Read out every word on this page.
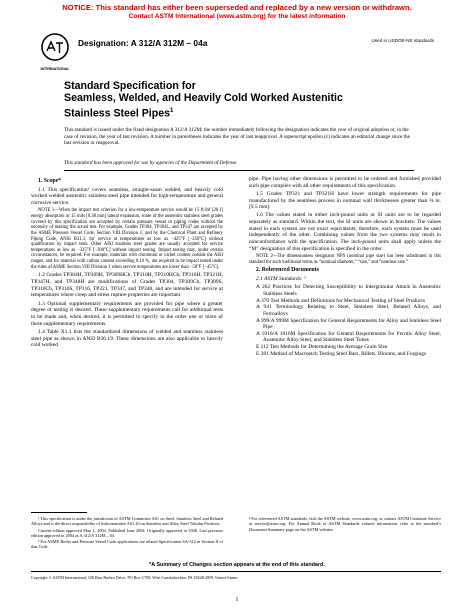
NOTICE: This standard has either been superseded and replaced by a new version or withdrawn.
Contact ASTM International (www.astm.org) for the latest information
INTERNATIONAL
Designation: A 312/A 312M – 04a	Used in USDOE-NE standards
Standard Specification for
Seamless, Welded, and Heavily Cold Worked Austenitic
Stainless Steel Pipes$^1$
This standard is issued under the fixed designation A 312/A 312M; the number immediately following the designation indicates the year of original adoption or, in the case of revision, the year of last revision. A number in parentheses indicates the year of last reapproval. A superscript epsilon (ε) indicates an editorial change since the last revision or reapproval.
This standard has been approved for use by agencies of the Department of Defense.

1. Scope*

1.1 This specification² covers seamless, straight-seam welded, and heavily cold worked welded austenitic stainless steel pipe intended for high-temperature and general corrosive service.

NOTE 1—When the impact test criterion for a low-temperature service would be 15 ft·lbf [20 J] energy absorption or 15 mils [0.38 mm] lateral expansion, some of the austenitic stainless steel grades covered by this specification are accepted by certain pressure vessel or piping codes without the necessity of making the actual test. For example, Grades TP304, TP304L, and TP347 are accepted by the ASME Pressure Vessel Code, Section VIII Division 1, and by the Chemical Plant and Refinery Piping Code, ANSI B31.3, for service at temperatures as low as −425°F [−250°C] without qualification by impact tests. Other AISI stainless steel grades are usually accepted for service temperatures as low as −325°F [−200°C] without impact testing. Impact testing may, under certain circumstances, be required. For example, materials with chromium or nickel content outside the AISI ranges, and for material with carbon content exceeding 0.10 %, are required to be impact tested under the rules of ASME Section VIII Division 1 when service temperatures are lower than −50°F [−45°C].

1.2 Grades TP304H, TP309H, TP309HCb, TP310H, TP310HCb, TP316H, TP321H, TP347H, and TP348H are modifications of Grades TP304, TP309Cb, TP309S, TP310Cb, TP310S, TP316, TP321, TP347, and TP348, and are intended for service at temperatures where creep and stress rupture properties are important.

1.3 Optional supplementary requirements are provided for pipe where a greater degree of testing is desired. These supplementary requirements call for additional tests to be made and, when desired, it is permitted to specify in the order one or more of these supplementary requirements.

1.4 Table X1.1 lists the standardized dimensions of welded and seamless stainless steel pipe as shown in ANSI B36.19. These dimensions are also applicable to heavily cold worked

pipe. Pipe having other dimensions is permitted to be ordered and furnished provided such pipe complies with all other requirements of this specification.

1.5 Grades TP321 and TP321H have lower strength requirements for pipe manufactured by the seamless process in nominal wall thicknesses greater than ⅜ in. [9.5 mm].

1.6 The values stated in either inch-pound units or SI units are to be regarded separately as standard. Within the text, the SI units are shown in brackets. The values stated in each system are not exact equivalents; therefore, each system must be used independently of the other. Combining values from the two systems may result in nonconformance with the specification. The inch-pound units shall apply unless the “M” designation of this specification is specified in the order.

NOTE 2—The dimensionless designator NPS (nominal pipe size) has been substituted in this standard for such traditional terms as “nominal diameter,” “size,” and “nominal size.”

2. Referenced Documents

2.1 ASTM Standards: ³

A 262 Practices for Detecting Susceptibility to Intergranular Attack in Austenitic Stainless Steels

A 370 Test Methods and Definitions for Mechanical Testing of Steel Products

A 941 Terminology Relating to Steel, Stainless Steel, Related Alloys, and Ferroalloys

A 999/A 999M Specification for General Requirements for Alloy and Stainless Steel Pipe

A 1016/A 1016M Specification for General Requirements for Ferritic Alloy Steel, Austenitic Alloy Steel, and Stainless Steel Tubes

E 112 Test Methods for Determining the Average Grain Size

E 381 Method of Macroetch Testing Steel Bars, Billets, Blooms, and Forgings

¹ This specification is under the jurisdiction of ASTM Committee A01 on Steel, Stainless Steel and Related Alloys and is the direct responsibility of Subcommittee A01.10 on Stainless and Alloy Steel Tubular Products.

Current edition approved May 1, 2004. Published June 2004. Originally approved in 1948. Last previous edition approved in 2004 as A 312/A 312M – 04.

² For ASME Boiler and Pressure Vessel Code applications see related Specification SA-312 in Section II of that Code.

³ For referenced ASTM standards, visit the ASTM website, www.astm.org, or contact ASTM Customer Service at service@astm.org. For Annual Book of ASTM Standards volume information, refer to the standard’s Document Summary page on the ASTM website.
*A Summary of Changes section appears at the end of this standard.
Copyright © ASTM International, 100 Barr Harbor Drive, PO Box C700, West Conshohocken, PA 19428-2959, United States.
1
